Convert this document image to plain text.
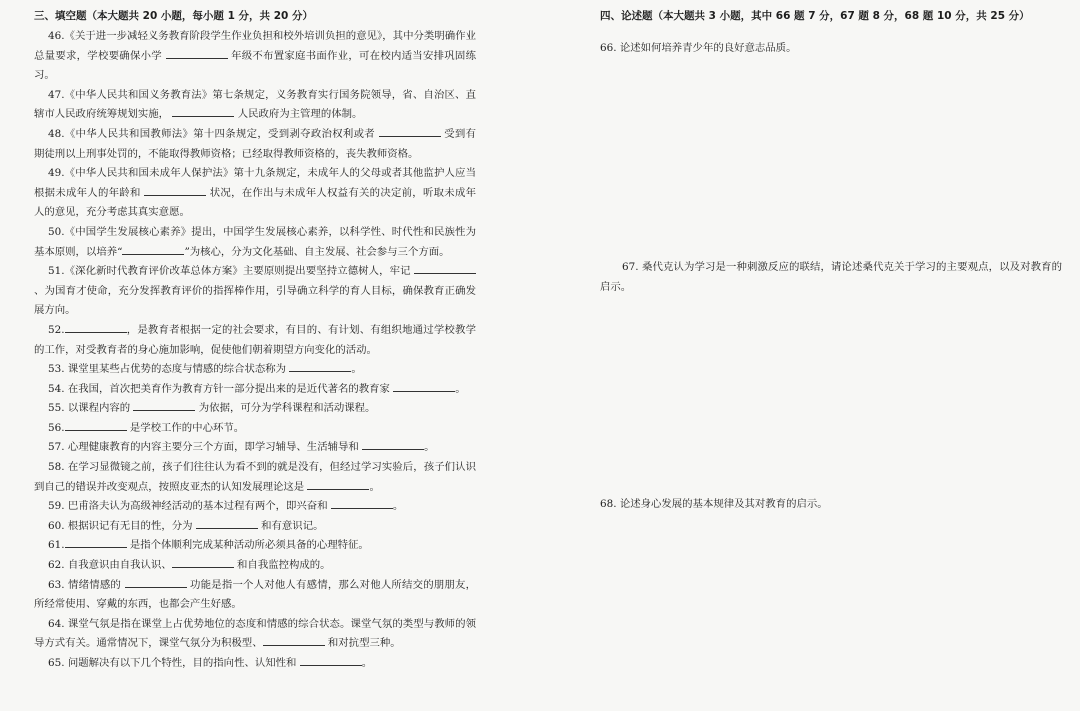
三、填空题（本大题共 20 小题，每小题 1 分，共 20 分）

46.《关于进一步减轻义务教育阶段学生作业负担和校外培训负担的意见》，其中分类明确作业总量要求，学校要确保小学	年级不布置家庭书面作业，可在校内适当安排巩固练习。

47.《中华人民共和国义务教育法》第七条规定，义务教育实行国务院领导，省、自治区、直辖市人民政府统筹规划实施，	人民政府为主管理的体制。

48.《中华人民共和国教师法》第十四条规定，受到剥夺政治权利或者	受到有期徒刑以上刑事处罚的，不能取得教师资格；已经取得教师资格的，丧失教师资格。

49.《中华人民共和国未成年人保护法》第十九条规定，未成年人的父母或者其他监护人应当根据未成年人的年龄和	状况，在作出与未成年人权益有关的决定前，听取未成年人的意见，充分考虑其真实意愿。

50.《中国学生发展核心素养》提出，中国学生发展核心素养，以科学性、时代性和民族性为基本原则，以培养“	”为核心，分为文化基础、自主发展、社会参与三个方面。

51.《深化新时代教育评价改革总体方案》主要原则提出要坚持立德树人，牢记  、为国育才使命，充分发挥教育评价的指挥棒作用，引导确立科学的育人目标，确保教育正确发展方向。

52.	，是教育者根据一定的社会要求，有目的、有计划、有组织地通过学校教学的工作，对受教育者的身心施加影响，促使他们朝着期望方向变化的活动。

53. 课堂里某些占优势的态度与情感的综合状态称为	。

54. 在我国，首次把美育作为教育方针一部分提出来的是近代著名的教育家	。

55. 以课程内容的	为依据，可分为学科课程和活动课程。

56.	是学校工作的中心环节。

57. 心理健康教育的内容主要分三个方面，即学习辅导、生活辅导和	。

58. 在学习显微镜之前，孩子们往往认为看不到的就是没有，但经过学习实验后，孩子们认识到自己的错误并改变观点，按照皮亚杰的认知发展理论这是	。

59. 巴甫洛夫认为高级神经活动的基本过程有两个，即兴奋和	。

60. 根据识记有无目的性，分为	和有意识记。

61.	是指个体顺利完成某种活动所必须具备的心理特征。

62. 自我意识由自我认识、	和自我监控构成的。

63. 情绪情感的	功能是指一个人对他人有感情，那么对他人所结交的朋朋友，所经常使用、穿戴的东西，也都会产生好感。

64. 课堂气氛是指在课堂上占优势地位的态度和情感的综合状态。课堂气氛的类型与教师的领导方式有关。通常情况下，课堂气氛分为积极型、	和对抗型三种。

65. 问题解决有以下几个特性，目的指向性、认知性和	。

四、论述题（本大题共 3 小题，其中 66 题 7 分，67 题 8 分，68 题 10 分，共 25 分）

66. 论述如何培养青少年的良好意志品质。

67. 桑代克认为学习是一种刺激反应的联结，请论述桑代克关于学习的主要观点，以及对教育的启示。

68. 论述身心发展的基本规律及其对教育的启示。
